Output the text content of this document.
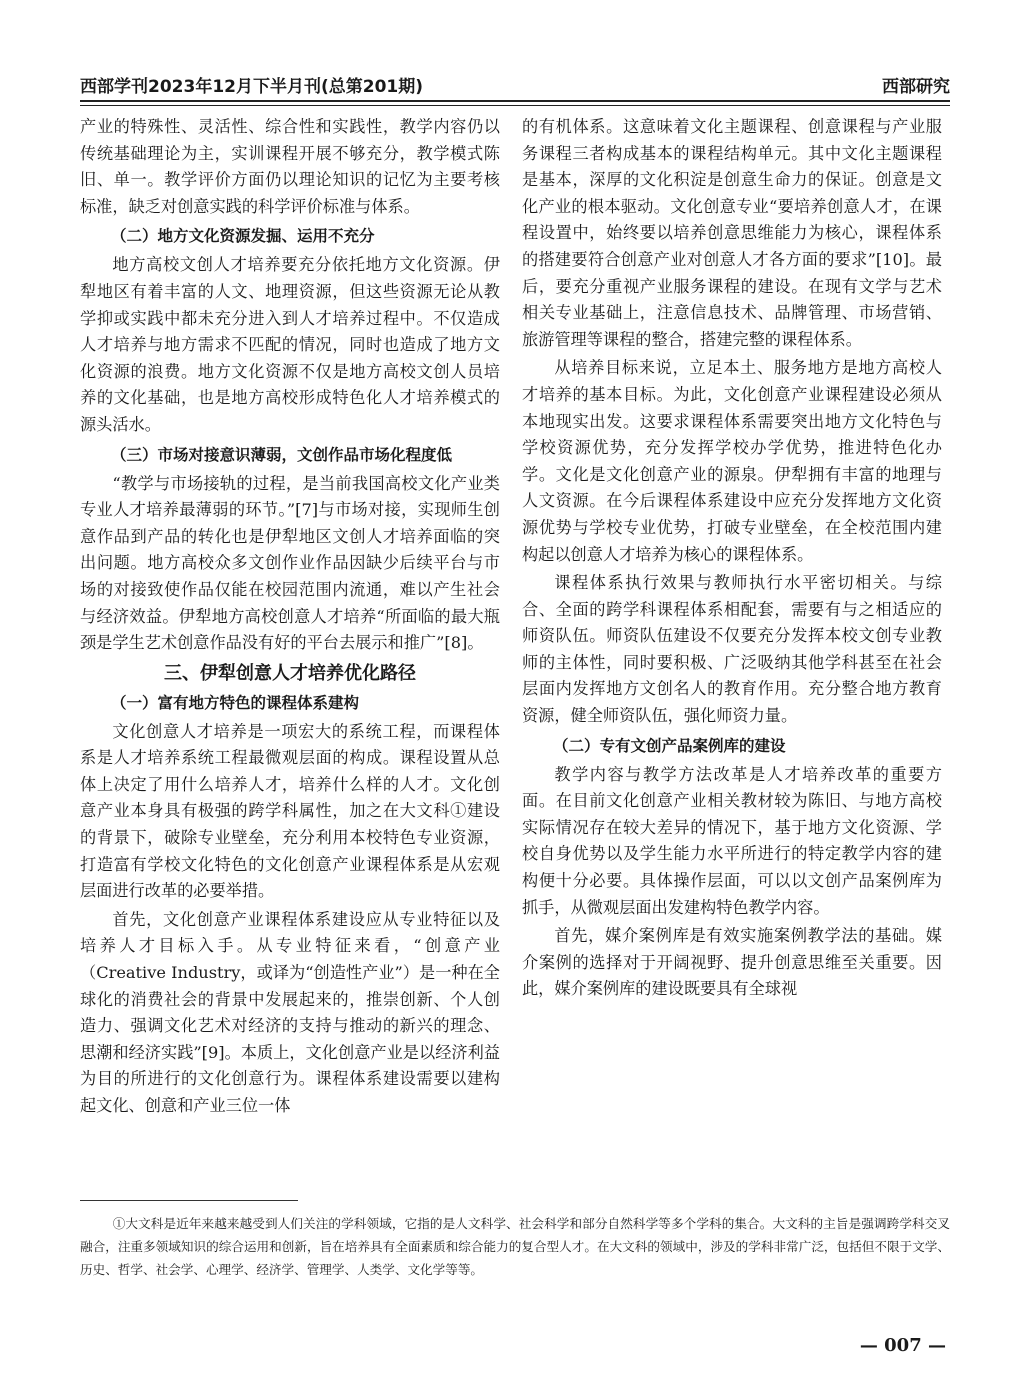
西部学刊2023年12月下半月刊(总第201期)	西部研究

产业的特殊性、灵活性、综合性和实践性，教学内容仍以传统基础理论为主，实训课程开展不够充分，教学模式陈旧、单一。教学评价方面仍以理论知识的记忆为主要考核标准，缺乏对创意实践的科学评价标准与体系。

（二）地方文化资源发掘、运用不充分

地方高校文创人才培养要充分依托地方文化资源。伊犁地区有着丰富的人文、地理资源，但这些资源无论从教学抑或实践中都未充分进入到人才培养过程中。不仅造成人才培养与地方需求不匹配的情况，同时也造成了地方文化资源的浪费。地方文化资源不仅是地方高校文创人员培养的文化基础，也是地方高校形成特色化人才培养模式的源头活水。

（三）市场对接意识薄弱，文创作品市场化程度低

“教学与市场接轨的过程，是当前我国高校文化产业类专业人才培养最薄弱的环节。”[7]与市场对接，实现师生创意作品到产品的转化也是伊犁地区文创人才培养面临的突出问题。地方高校众多文创作业作品因缺少后续平台与市场的对接致使作品仅能在校园范围内流通，难以产生社会与经济效益。伊犁地方高校创意人才培养“所面临的最大瓶颈是学生艺术创意作品没有好的平台去展示和推广”[8]。

三、伊犁创意人才培养优化路径
（一）富有地方特色的课程体系建构

文化创意人才培养是一项宏大的系统工程，而课程体系是人才培养系统工程最微观层面的构成。课程设置从总体上决定了用什么培养人才，培养什么样的人才。文化创意产业本身具有极强的跨学科属性，加之在大文科①建设的背景下，破除专业壁垒，充分利用本校特色专业资源，打造富有学校文化特色的文化创意产业课程体系是从宏观层面进行改革的必要举措。

首先，文化创意产业课程体系建设应从专业特征以及培养人才目标入手。从专业特征来看，“创意产业（Creative Industry，或译为“创造性产业”）是一种在全球化的消费社会的背景中发展起来的，推崇创新、个人创造力、强调文化艺术对经济的支持与推动的新兴的理念、思潮和经济实践”[9]。本质上，文化创意产业是以经济利益为目的所进行的文化创意行为。课程体系建设需要以建构起文化、创意和产业三位一体

的有机体系。这意味着文化主题课程、创意课程与产业服务课程三者构成基本的课程结构单元。其中文化主题课程是基本，深厚的文化积淀是创意生命力的保证。创意是文化产业的根本驱动。文化创意专业“要培养创意人才，在课程设置中，始终要以培养创意思维能力为核心，课程体系的搭建要符合创意产业对创意人才各方面的要求”[10]。最后，要充分重视产业服务课程的建设。在现有文学与艺术相关专业基础上，注意信息技术、品牌管理、市场营销、旅游管理等课程的整合，搭建完整的课程体系。

从培养目标来说，立足本土、服务地方是地方高校人才培养的基本目标。为此，文化创意产业课程建设必须从本地现实出发。这要求课程体系需要突出地方文化特色与学校资源优势，充分发挥学校办学优势，推进特色化办学。文化是文化创意产业的源泉。伊犁拥有丰富的地理与人文资源。在今后课程体系建设中应充分发挥地方文化资源优势与学校专业优势，打破专业壁垒，在全校范围内建构起以创意人才培养为核心的课程体系。

课程体系执行效果与教师执行水平密切相关。与综合、全面的跨学科课程体系相配套，需要有与之相适应的师资队伍。师资队伍建设不仅要充分发挥本校文创专业教师的主体性，同时要积极、广泛吸纳其他学科甚至在社会层面内发挥地方文创名人的教育作用。充分整合地方教育资源，健全师资队伍，强化师资力量。

（二）专有文创产品案例库的建设

教学内容与教学方法改革是人才培养改革的重要方面。在目前文化创意产业相关教材较为陈旧、与地方高校实际情况存在较大差异的情况下，基于地方文化资源、学校自身优势以及学生能力水平所进行的特定教学内容的建构便十分必要。具体操作层面，可以以文创产品案例库为抓手，从微观层面出发建构特色教学内容。

首先，媒介案例库是有效实施案例教学法的基础。媒介案例的选择对于开阔视野、提升创意思维至关重要。因此，媒介案例库的建设既要具有全球视

①大文科是近年来越来越受到人们关注的学科领域，它指的是人文科学、社会科学和部分自然科学等多个学科的集合。大文科的主旨是强调跨学科交叉融合，注重多领域知识的综合运用和创新，旨在培养具有全面素质和综合能力的复合型人才。在大文科的领域中，涉及的学科非常广泛，包括但不限于文学、历史、哲学、社会学、心理学、经济学、管理学、人类学、文化学等等。
— 007 —
